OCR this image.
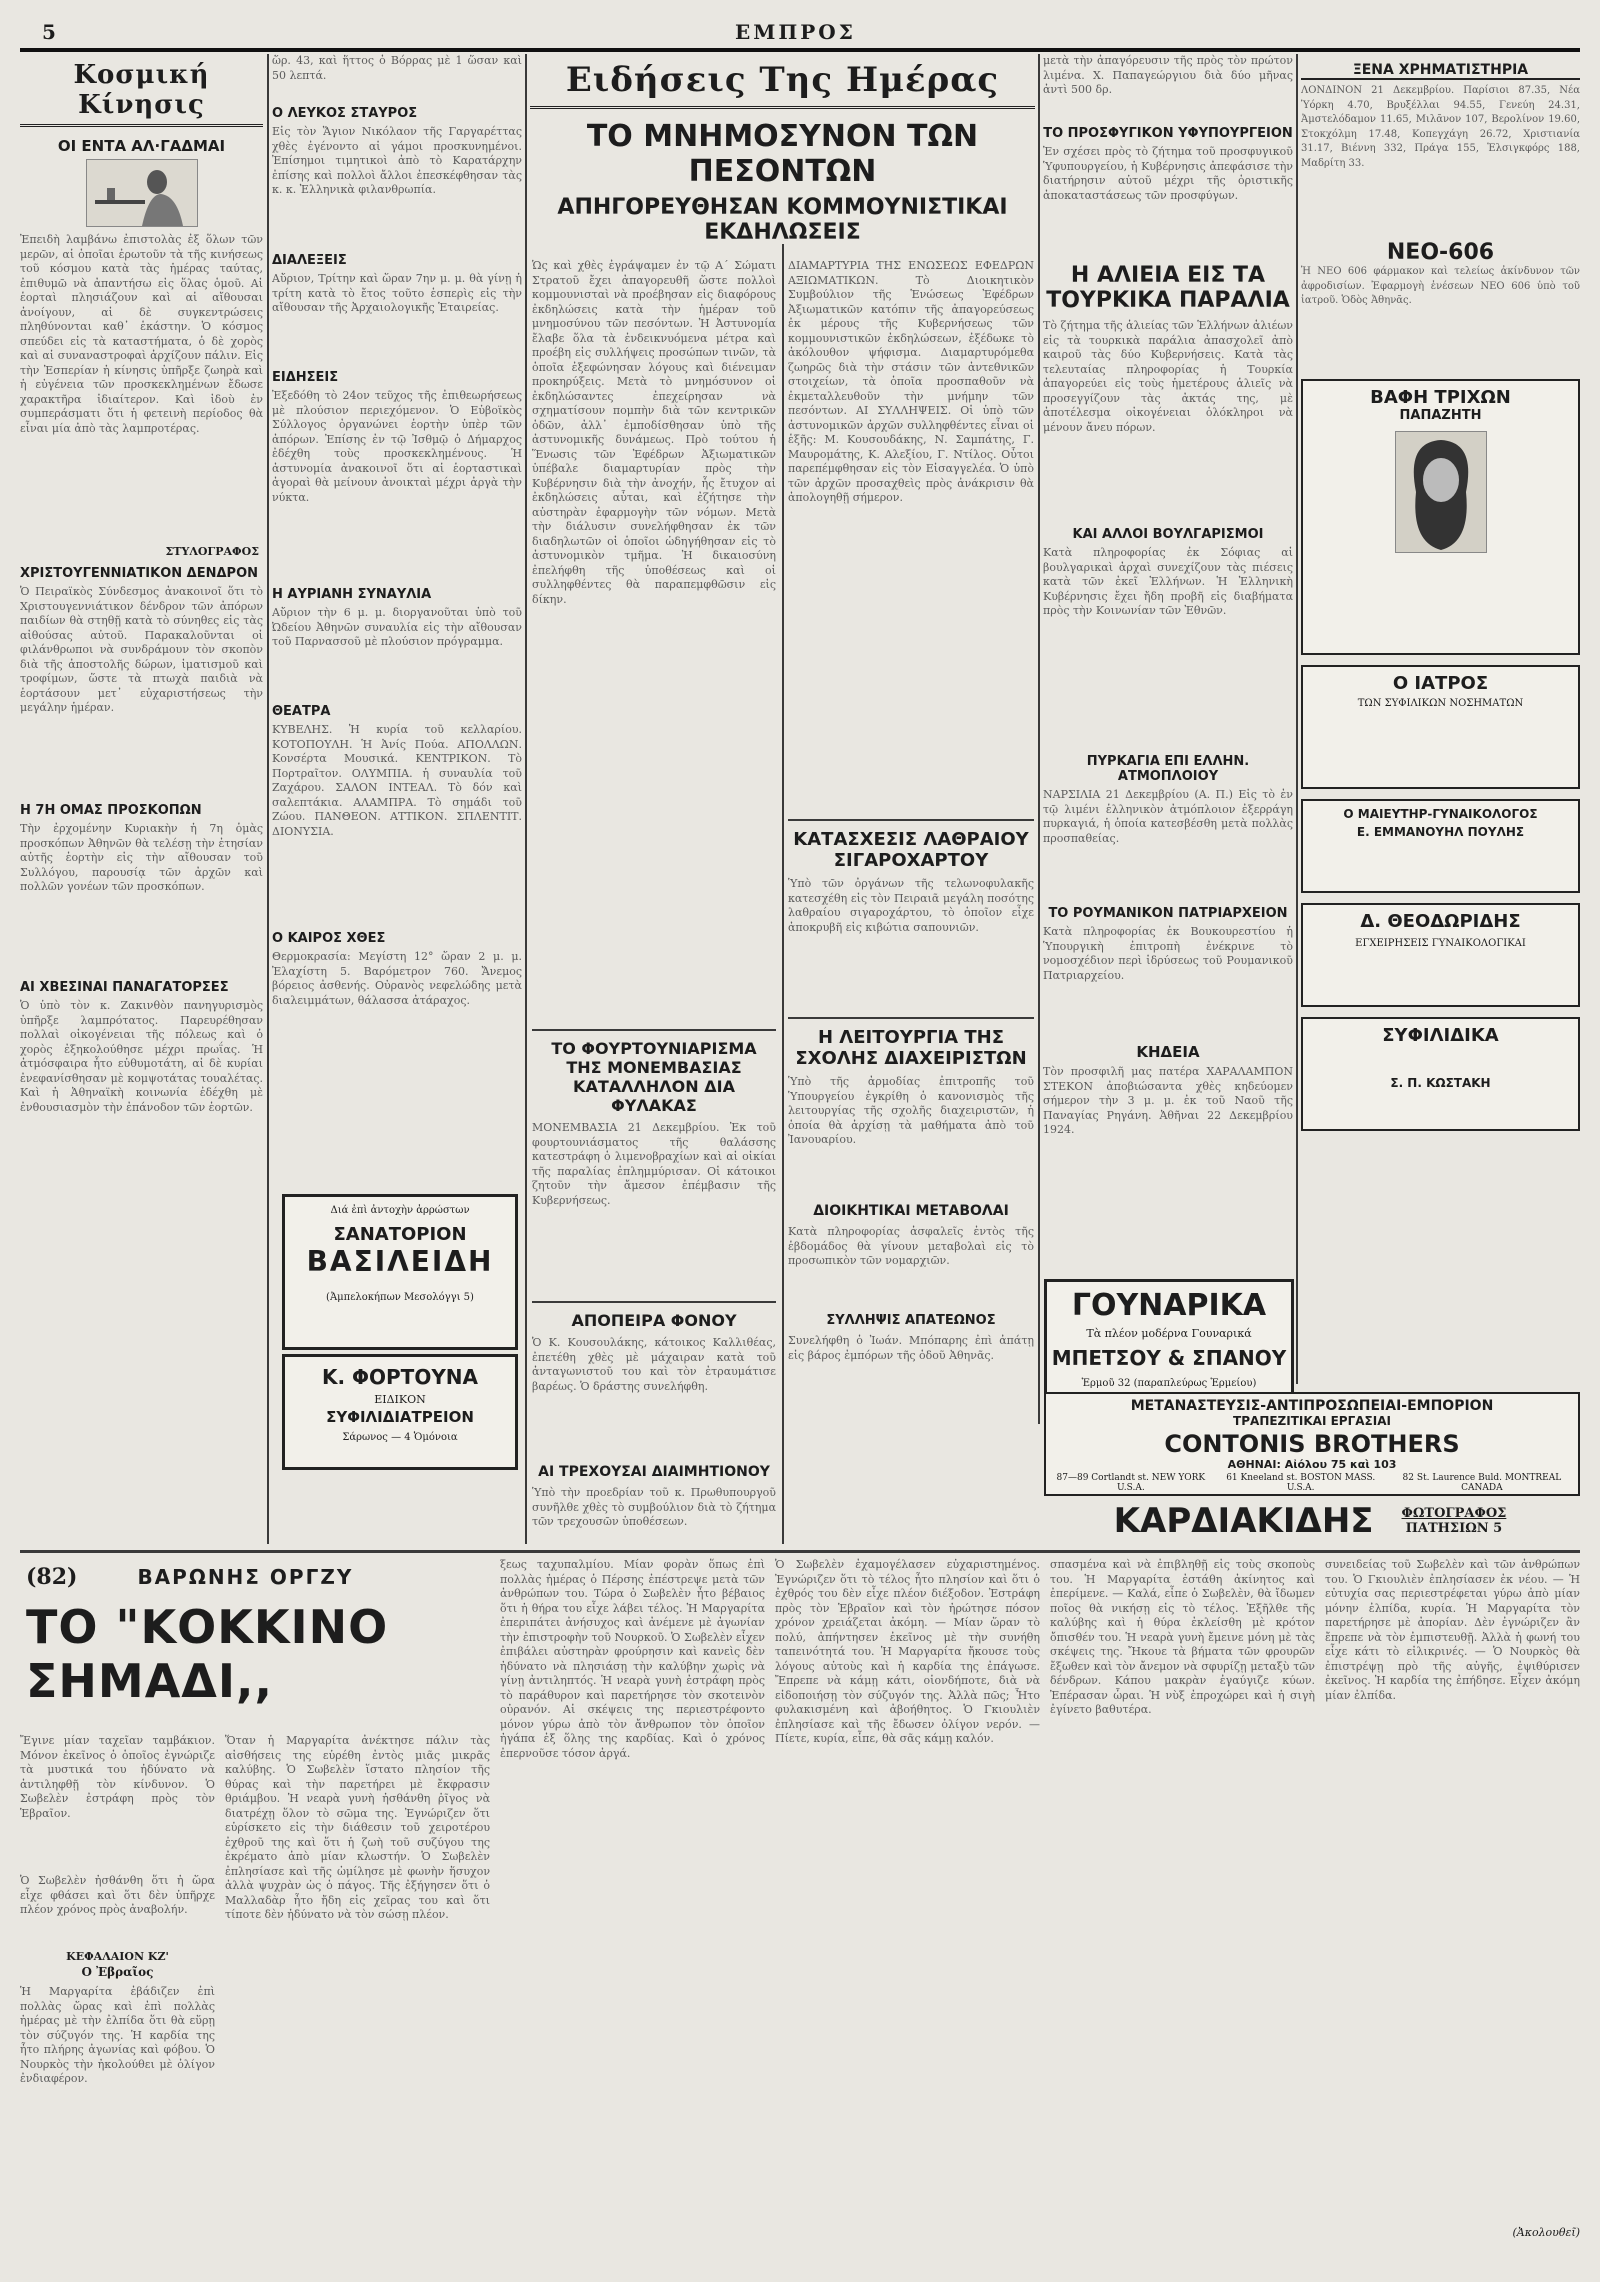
5	ΕΜΠΡΟΣ
Κοσμική Κίνησις
ΟΙ ΕΝΤΑ ΑΛ·ΓΑΔΜΑΙ
Ἐπειδὴ λαμβάνω ἐπιστολὰς ἐξ ὅλων τῶν μερῶν, αἱ ὁποῖαι ἐρωτοῦν τὰ τῆς κινήσεως τοῦ κόσμου κατὰ τὰς ἡμέρας ταύτας, ἐπιθυμῶ νὰ ἀπαντήσω εἰς ὅλας ὁμοῦ. Αἱ ἑορταὶ πλησιάζουν καὶ αἱ αἴθουσαι ἀνοίγουν, αἱ δὲ συγκεντρώσεις πληθύνονται καθ᾽ ἑκάστην. Ὁ κόσμος σπεύδει εἰς τὰ καταστήματα, ὁ δὲ χορὸς καὶ αἱ συναναστροφαὶ ἀρχίζουν πάλιν. Εἰς τὴν Ἐσπερίαν ἡ κίνησις ὑπῆρξε ζωηρὰ καὶ ἡ εὐγένεια τῶν προσκεκλημένων ἔδωσε χαρακτῆρα ἰδιαίτερον. Καὶ ἰδοὺ ἐν συμπεράσματι ὅτι ἡ φετεινὴ περίοδος θὰ εἶναι μία ἀπὸ τὰς λαμπροτέρας.
ΣΤΥΛΟΓΡΑΦΟΣ
ΧΡΙΣΤΟΥΓΕΝΝΙΑΤΙΚΟΝ ΔΕΝΔΡΟΝ
Ὁ Πειραϊκὸς Σύνδεσμος ἀνακοινοῖ ὅτι τὸ Χριστουγεννιάτικον δένδρον τῶν ἀπόρων παιδίων θὰ στηθῇ κατὰ τὸ σύνηθες εἰς τὰς αἰθούσας αὐτοῦ. Παρακαλοῦνται οἱ φιλάνθρωποι νὰ συνδράμουν τὸν σκοπὸν διὰ τῆς ἀποστολῆς δώρων, ἱματισμοῦ καὶ τροφίμων, ὥστε τὰ πτωχὰ παιδιὰ νὰ ἑορτάσουν μετ᾽ εὐχαριστήσεως τὴν μεγάλην ἡμέραν.
Η 7Η ΟΜΑΣ ΠΡΟΣΚΟΠΩΝ
Τὴν ἐρχομένην Κυριακὴν ἡ 7η ὁμὰς προσκόπων Ἀθηνῶν θὰ τελέσῃ τὴν ἐτησίαν αὐτῆς ἑορτὴν εἰς τὴν αἴθουσαν τοῦ Συλλόγου, παρουσίᾳ τῶν ἀρχῶν καὶ πολλῶν γονέων τῶν προσκόπων.
ΑΙ ΧΒΕΣΙΝΑΙ ΠΑΝΑΓΑΤΟΡΣΕΣ
Ὁ ὑπὸ τὸν κ. Ζακινθὸν πανηγυρισμὸς ὑπῆρξε λαμπρότατος. Παρευρέθησαν πολλαὶ οἰκογένειαι τῆς πόλεως καὶ ὁ χορὸς ἐξηκολούθησε μέχρι πρωΐας. Ἡ ἀτμόσφαιρα ἦτο εὐθυμοτάτη, αἱ δὲ κυρίαι ἐνεφανίσθησαν μὲ κομψοτάτας τουαλέτας. Καὶ ἡ Ἀθηναϊκὴ κοινωνία ἐδέχθη μὲ ἐνθουσιασμὸν τὴν ἐπάνοδον τῶν ἑορτῶν.
ὥρ. 43, καὶ ἥττος ὁ Βόρρας μὲ 1 ὥσαν καὶ 50 λεπτά.
Ο ΛΕΥΚΟΣ ΣΤΑΥΡΟΣ
Εἰς τὸν Ἅγιον Νικόλαον τῆς Γαργαρέττας χθὲς ἐγένοντο αἱ γάμοι προσκυνημένοι. Ἐπίσημοι τιμητικοὶ ἀπὸ τὸ Καρατάρχην ἐπίσης καὶ πολλοὶ ἄλλοι ἐπεσκέφθησαν τὰς κ. κ. Ἑλληνικὰ φιλανθρωπία.
ΔΙΑΛΕΞΕΙΣ
Αὔριον, Τρίτην καὶ ὥραν 7ην μ. μ. θὰ γίνῃ ἡ τρίτη κατὰ τὸ ἔτος τοῦτο ἑσπερὶς εἰς τὴν αἴθουσαν τῆς Ἀρχαιολογικῆς Ἑταιρείας.
ΕΙΔΗΣΕΙΣ
Ἐξεδόθη τὸ 24ον τεῦχος τῆς ἐπιθεωρήσεως μὲ πλούσιον περιεχόμενον. Ὁ Εὐβοϊκὸς Σύλλογος ὀργανώνει ἑορτὴν ὑπὲρ τῶν ἀπόρων. Ἐπίσης ἐν τῷ Ἰσθμῷ ὁ Δήμαρχος ἐδέχθη τοὺς προσκεκλημένους. Ἡ ἀστυνομία ἀνακοινοῖ ὅτι αἱ ἑορταστικαὶ ἀγοραὶ θὰ μείνουν ἀνοικταὶ μέχρι ἀργὰ τὴν νύκτα.
Η ΑΥΡΙΑΝΗ ΣΥΝΑΥΛΙΑ
Αὔριον τὴν 6 μ. μ. διοργανοῦται ὑπὸ τοῦ Ὠδείου Ἀθηνῶν συναυλία εἰς τὴν αἴθουσαν τοῦ Παρνασσοῦ μὲ πλούσιον πρόγραμμα.
ΘΕΑΤΡΑ
ΚΥΒΕΛΗΣ. Ἡ κυρία τοῦ κελλαρίου. ΚΟΤΟΠΟΥΛΗ. Ἡ Ἀνίς Πούα. ΑΠΟΛΛΩΝ. Κονσέρτα Μουσικά. ΚΕΝΤΡΙΚΟΝ. Τὸ Πορτραῖτον. ΟΛΥΜΠΙΑ. ἡ συναυλία τοῦ Ζαχάρου. ΣΑΛΟΝ ΙΝΤΕΑΛ. Τὸ δόν καὶ σαλεπτάκια. ΑΛΑΜΠΡΑ. Τὸ σημάδι τοῦ Ζώου. ΠΑΝΘΕΟΝ. ΑΤΤΙΚΟΝ. ΣΠΛΕΝΤΙΤ. ΔΙΟΝΥΣΙΑ.
Ο ΚΑΙΡΟΣ ΧΘΕΣ
Θερμοκρασία: Μεγίστη 12° ὥραν 2 μ. μ. Ἐλαχίστη 5. Βαρόμετρον 760. Ἄνεμος βόρειος ἀσθενής. Οὐρανὸς νεφελώδης μετὰ διαλειμμάτων, θάλασσα ἀτάραχος.
Διά ἐπὶ ἀντοχὴν ἀρρώστων
ΣΑΝΑΤΟΡΙΟΝ
ΒΑΣΙΛΕΙΔΗ
(Ἀμπελοκήπων Μεσολόγγι 5)
Κ. ΦΟΡΤΟΥΝΑ
ΕΙΔΙΚΟΝ
ΣΥΦΙΛΙΔΙΑΤΡΕΙΟΝ
Σάρωνος — 4 Ὁμόνοια
Ειδήσεις Της Ημέρας
ΤΟ ΜΝΗΜΟΣΥΝΟΝ ΤΩΝ ΠΕΣΟΝΤΩΝ
ΑΠΗΓΟΡΕΥΘΗΣΑΝ ΚΟΜΜΟΥΝΙΣΤΙΚΑΙ ΕΚΔΗΛΩΣΕΙΣ
Ὡς καὶ χθὲς ἐγράψαμεν ἐν τῷ Α΄ Σώματι Στρατοῦ ἔχει ἀπαγορευθῆ ὥστε πολλοὶ κομμουνισταὶ νὰ προέβησαν εἰς διαφόρους ἐκδηλώσεις κατὰ τὴν ἡμέραν τοῦ μνημοσύνου τῶν πεσόντων. Ἡ Ἀστυνομία ἔλαβε ὅλα τὰ ἐνδεικνυόμενα μέτρα καὶ προέβη εἰς συλλήψεις προσώπων τινῶν, τὰ ὁποῖα ἐξεφώνησαν λόγους καὶ διένειμαν προκηρύξεις. Μετὰ τὸ μνημόσυνον οἱ ἐκδηλώσαντες ἐπεχείρησαν νὰ σχηματίσουν πομπὴν διὰ τῶν κεντρικῶν ὁδῶν, ἀλλ᾽ ἐμποδίσθησαν ὑπὸ τῆς ἀστυνομικῆς δυνάμεως. Πρὸ τούτου ἡ Ἕνωσις τῶν Ἐφέδρων Ἀξιωματικῶν ὑπέβαλε διαμαρτυρίαν πρὸς τὴν Κυβέρνησιν διὰ τὴν ἀνοχήν, ἧς ἔτυχον αἱ ἐκδηλώσεις αὗται, καὶ ἐζήτησε τὴν αὐστηρὰν ἐφαρμογὴν τῶν νόμων. Μετὰ τὴν διάλυσιν συνελήφθησαν ἐκ τῶν διαδηλωτῶν οἱ ὁποῖοι ὡδηγήθησαν εἰς τὸ ἀστυνομικὸν τμῆμα. Ἡ δικαιοσύνη ἐπελήφθη τῆς ὑποθέσεως καὶ οἱ συλληφθέντες θὰ παραπεμφθῶσιν εἰς δίκην.
ΤΟ ΦΟΥΡΤΟΥΝΙΑΡΙΣΜΑ ΤΗΣ ΜΟΝΕΜΒΑΣΙΑΣ ΚΑΤΑΛΛΗΛΟΝ ΔΙΑ ΦΥΛΑΚΑΣ
ΜΟΝΕΜΒΑΣΙΑ 21 Δεκεμβρίου. Ἐκ τοῦ φουρτουνιάσματος τῆς θαλάσσης κατεστράφη ὁ λιμενοβραχίων καὶ αἱ οἰκίαι τῆς παραλίας ἐπλημμύρισαν. Οἱ κάτοικοι ζητοῦν τὴν ἄμεσον ἐπέμβασιν τῆς Κυβερνήσεως.
ΑΠΟΠΕΙΡΑ ΦΟΝΟΥ
Ὁ Κ. Κουσουλάκης, κάτοικος Καλλιθέας, ἐπετέθη χθὲς μὲ μάχαιραν κατὰ τοῦ ἀνταγωνιστοῦ του καὶ τὸν ἐτραυμάτισε βαρέως. Ὁ δράστης συνελήφθη.
ΑΙ ΤΡΕΧΟΥΣΑΙ ΔΙΑΙΜΗΤΙΟΝΟΥ
Ὑπὸ τὴν προεδρίαν τοῦ κ. Πρωθυπουργοῦ συνῆλθε χθὲς τὸ συμβούλιον διὰ τὸ ζήτημα τῶν τρεχουσῶν ὑποθέσεων.
ΔΙΑΜΑΡΤΥΡΙΑ ΤΗΣ ΕΝΩΣΕΩΣ ΕΦΕΔΡΩΝ ΑΞΙΩΜΑΤΙΚΩΝ. Τὸ Διοικητικὸν Συμβούλιον τῆς Ἑνώσεως Ἐφέδρων Ἀξιωματικῶν κατόπιν τῆς ἀπαγορεύσεως ἐκ μέρους τῆς Κυβερνήσεως τῶν κομμουνιστικῶν ἐκδηλώσεων, ἐξέδωκε τὸ ἀκόλουθον ψήφισμα. Διαμαρτυρόμεθα ζωηρῶς διὰ τὴν στάσιν τῶν ἀντεθνικῶν στοιχείων, τὰ ὁποῖα προσπαθοῦν νὰ ἐκμεταλλευθοῦν τὴν μνήμην τῶν πεσόντων. ΑΙ ΣΥΛΛΗΨΕΙΣ. Οἱ ὑπὸ τῶν ἀστυνομικῶν ἀρχῶν συλληφθέντες εἶναι οἱ ἑξῆς: Μ. Κουσουδάκης, Ν. Σαμπάτης, Γ. Μαυρομάτης, Κ. Αλεξίου, Γ. Ντίλος. Οὗτοι παρεπέμφθησαν εἰς τὸν Εἰσαγγελέα. Ὁ ὑπὸ τῶν ἀρχῶν προσαχθεὶς πρὸς ἀνάκρισιν θὰ ἀπολογηθῇ σήμερον.
ΚΑΤΑΣΧΕΣΙΣ ΛΑΘΡΑΙΟΥ ΣΙΓΑΡΟΧΑΡΤΟΥ
Ὑπὸ τῶν ὀργάνων τῆς τελωνοφυλακῆς κατεσχέθη εἰς τὸν Πειραιᾶ μεγάλη ποσότης λαθραίου σιγαροχάρτου, τὸ ὁποῖον εἶχε ἀποκρυβῆ εἰς κιβώτια σαπουνιῶν.
Η ΛΕΙΤΟΥΡΓΙΑ ΤΗΣ ΣΧΟΛΗΣ ΔΙΑΧΕΙΡΙΣΤΩΝ
Ὑπὸ τῆς ἀρμοδίας ἐπιτροπῆς τοῦ Ὑπουργείου ἐγκρίθη ὁ κανονισμὸς τῆς λειτουργίας τῆς σχολῆς διαχειριστῶν, ἡ ὁποία θὰ ἀρχίσῃ τὰ μαθήματα ἀπὸ τοῦ Ἰανουαρίου.
ΔΙΟΙΚΗΤΙΚΑΙ ΜΕΤΑΒΟΛΑΙ
Κατὰ πληροφορίας ἀσφαλεῖς ἐντὸς τῆς ἑβδομάδος θὰ γίνουν μεταβολαὶ εἰς τὸ προσωπικὸν τῶν νομαρχιῶν.
ΣΥΛΛΗΨΙΣ ΑΠΑΤΕΩΝΟΣ
Συνελήφθη ὁ Ἰωάν. Μπόπαρης ἐπὶ ἀπάτῃ εἰς βάρος ἐμπόρων τῆς ὁδοῦ Ἀθηνᾶς.
μετὰ τὴν ἀπαγόρευσιν τῆς πρὸς τὸν πρώτον λιμένα. Χ. Παπαγεώργιου διὰ δύο μῆνας ἀντὶ 500 δρ.
ΤΟ ΠΡΟΣΦΥΓΙΚΟΝ ΥΦΥΠΟΥΡΓΕΙΟΝ
Ἐν σχέσει πρὸς τὸ ζήτημα τοῦ προσφυγικοῦ Ὑφυπουργείου, ἡ Κυβέρνησις ἀπεφάσισε τὴν διατήρησιν αὐτοῦ μέχρι τῆς ὁριστικῆς ἀποκαταστάσεως τῶν προσφύγων.
Η ΑΛΙΕΙΑ ΕΙΣ ΤΑ ΤΟΥΡΚΙΚΑ ΠΑΡΑΛΙΑ
Τὸ ζήτημα τῆς ἁλιείας τῶν Ἑλλήνων ἁλιέων εἰς τὰ τουρκικὰ παράλια ἀπασχολεῖ ἀπὸ καιροῦ τὰς δύο Κυβερνήσεις. Κατὰ τὰς τελευταίας πληροφορίας ἡ Τουρκία ἀπαγορεύει εἰς τοὺς ἡμετέρους ἁλιεῖς νὰ προσεγγίζουν τὰς ἀκτάς της, μὲ ἀποτέλεσμα οἰκογένειαι ὁλόκληροι νὰ μένουν ἄνευ πόρων.
ΚΑΙ ΑΛΛΟΙ ΒΟΥΛΓΑΡΙΣΜΟΙ
Κατὰ πληροφορίας ἐκ Σόφιας αἱ βουλγαρικαὶ ἀρχαὶ συνεχίζουν τὰς πιέσεις κατὰ τῶν ἐκεῖ Ἑλλήνων. Ἡ Ἑλληνικὴ Κυβέρνησις ἔχει ἤδη προβῆ εἰς διαβήματα πρὸς τὴν Κοινωνίαν τῶν Ἐθνῶν.
ΠΥΡΚΑΓΙΑ ΕΠΙ ΕΛΛΗΝ. ΑΤΜΟΠΛΟΙΟΥ
ΝΑΡΣΙΛΙΑ 21 Δεκεμβρίου (Α. Π.) Εἰς τὸ ἐν τῷ λιμένι ἑλληνικὸν ἀτμόπλοιον ἐξερράγη πυρκαγιά, ἡ ὁποία κατεσβέσθη μετὰ πολλὰς προσπαθείας.
ΤΟ ΡΟΥΜΑΝΙΚΟΝ ΠΑΤΡΙΑΡΧΕΙΟΝ
Κατὰ πληροφορίας ἐκ Βουκουρεστίου ἡ Ὑπουργικὴ ἐπιτροπὴ ἐνέκρινε τὸ νομοσχέδιον περὶ ἱδρύσεως τοῦ Ρουμανικοῦ Πατριαρχείου.
ΚΗΔΕΙΑ
Τὸν προσφιλῆ μας πατέρα ΧΑΡΑΛΑΜΠΟΝ ΣΤΕΚΟΝ ἀποβιώσαντα χθὲς κηδεύομεν σήμερον τὴν 3 μ. μ. ἐκ τοῦ Ναοῦ τῆς Παναγίας Ρηγάνη. Ἀθῆναι 22 Δεκεμβρίου 1924.
ΓΟΥΝΑΡΙΚΑ
Τὰ πλέον μοδέρνα Γουναρικά
ΜΠΕΤΣΟΥ & ΣΠΑΝΟΥ
Ἑρμοῦ 32 (παραπλεύρως Ἑρμείου)
ΞΕΝΑ ΧΡΗΜΑΤΙΣΤΗΡΙΑ
ΛΟΝΔΙΝΟΝ 21 Δεκεμβρίου. Παρίσιοι 87.35, Νέα Ὑόρκη 4.70, Βρυξέλλαι 94.55, Γενεύη 24.31, Ἀμστελόδαμον 11.65, Μιλᾶνον 107, Βερολίνον 19.60, Στοκχόλμη 17.48, Κοπεγχάγη 26.72, Χριστιανία 31.17, Βιέννη 332, Πράγα 155, Ἑλσιγκφόρς 188, Μαδρίτη 33.
ΝΕΟ-606
Ἡ ΝΕΟ 606 φάρμακον καὶ τελείως ἀκίνδυνον τῶν ἀφροδισίων. Ἐφαρμογὴ ἐνέσεων ΝΕΟ 606 ὑπὸ τοῦ ἰατροῦ. Ὁδὸς Ἀθηνᾶς.
ΒΑΦΗ ΤΡΙΧΩΝ
ΠΑΠΑΖΗΤΗ
Ο ΙΑΤΡΟΣ
ΤΩΝ ΣΥΦΙΛΙΚΩΝ ΝΟΣΗΜΑΤΩΝ
Ο ΜΑΙΕΥΤΗΡ-ΓΥΝΑΙΚΟΛΟΓΟΣ
Ε. ΕΜΜΑΝΟΥΗΛ ΠΟΥΛΗΣ
Δ. ΘΕΟΔΩΡΙΔΗΣ
ΕΓΧΕΙΡΗΣΕΙΣ ΓΥΝΑΙΚΟΛΟΓΙΚΑΙ
ΣΥΦΙΛΙΔΙΚΑ
Σ. Π. ΚΩΣΤΑΚΗ
ΜΕΤΑΝΑΣΤΕΥΣΙΣ-ΑΝΤΙΠΡΟΣΩΠΕΙΑΙ-ΕΜΠΟΡΙΟΝ
ΤΡΑΠΕΖΙΤΙΚΑΙ ΕΡΓΑΣΙΑΙ
CONTONIS BROTHERS
ΑΘΗΝΑΙ: Αἰόλου 75 καὶ 103
87—89 Cortlandt st. NEW YORK U.S.A.
61 Kneeland st. BOSTON MASS. U.S.A.
82 St. Laurence Buld. MONTREAL CANADA
ΚΑΡΔΙΑΚΙΔΗΣ ΦΩΤΟΓΡΑΦΟΣ
ΠΑΤΗΣΙΩΝ 5
(82)	ΒΑΡΩΝΗΣ ΟΡΓΖΥ
ΤΟ "ΚΟΚΚΙΝΟ ΣΗΜΑΔΙ,,
Ἔγινε μίαν ταχεῖαν ταμβάκιον. Μόνον ἐκεῖνος ὁ ὁποῖος ἐγνώριζε τὰ μυστικά του ἠδύνατο νὰ ἀντιληφθῇ τὸν κίνδυνον. Ὁ Σωβελὲν ἐστράφη πρὸς τὸν Ἑβραῖον.
Ὁ Σωβελὲν ἠσθάνθη ὅτι ἡ ὥρα εἶχε φθάσει καὶ ὅτι δὲν ὑπῆρχε πλέον χρόνος πρὸς ἀναβολήν.
ΚΕΦΑΛΑΙΟΝ ΚΖ'
Ο Ἐβραῖος
Ἡ Μαργαρίτα ἐβάδιζεν ἐπὶ πολλὰς ὥρας καὶ ἐπὶ πολλὰς ἡμέρας μὲ τὴν ἐλπίδα ὅτι θὰ εὕρῃ τὸν σύζυγόν της. Ἡ καρδία της ἦτο πλήρης ἀγωνίας καὶ φόβου. Ὁ Νουρκὸς τὴν ἠκολούθει μὲ ὀλίγον ἐνδιαφέρον.
Ὅταν ἡ Μαργαρίτα ἀνέκτησε πάλιν τὰς αἰσθήσεις της εὑρέθη ἐντὸς μιᾶς μικρᾶς καλύβης. Ὁ Σωβελὲν ἵστατο πλησίον τῆς θύρας καὶ τὴν παρετήρει μὲ ἔκφρασιν θριάμβου. Ἡ νεαρὰ γυνὴ ἠσθάνθη ῥῖγος νὰ διατρέχῃ ὅλον τὸ σῶμα της. Ἐγνώριζεν ὅτι εὑρίσκετο εἰς τὴν διάθεσιν τοῦ χειροτέρου ἐχθροῦ της καὶ ὅτι ἡ ζωὴ τοῦ συζύγου της ἐκρέματο ἀπὸ μίαν κλωστήν. Ὁ Σωβελὲν ἐπλησίασε καὶ τῆς ὡμίλησε μὲ φωνὴν ἥσυχον ἀλλὰ ψυχρὰν ὡς ὁ πάγος. Τῆς ἐξήγησεν ὅτι ὁ Μαλλαδὰρ ἦτο ἤδη εἰς χεῖρας του καὶ ὅτι τίποτε δὲν ἠδύνατο νὰ τὸν σώσῃ πλέον.
ξεως ταχυπαλμίου. Μίαν φορὰν ὅπως ἐπὶ πολλὰς ἡμέρας ὁ Πέρσης ἐπέστρεψε μετὰ τῶν ἀνθρώπων του. Τώρα ὁ Σωβελὲν ἦτο βέβαιος ὅτι ἡ θήρα του εἶχε λάβει τέλος. Ἡ Μαργαρίτα ἐπεριπάτει ἀνήσυχος καὶ ἀνέμενε μὲ ἀγωνίαν τὴν ἐπιστροφὴν τοῦ Νουρκοῦ. Ὁ Σωβελὲν εἶχεν ἐπιβάλει αὐστηρὰν φρούρησιν καὶ κανεὶς δὲν ἠδύνατο νὰ πλησιάσῃ τὴν καλύβην χωρὶς νὰ γίνῃ ἀντιληπτός. Ἡ νεαρὰ γυνὴ ἐστράφη πρὸς τὸ παράθυρον καὶ παρετήρησε τὸν σκοτεινὸν οὐρανόν. Αἱ σκέψεις της περιεστρέφοντο μόνον γύρω ἀπὸ τὸν ἄνθρωπον τὸν ὁποῖον ἠγάπα ἐξ ὅλης της καρδίας. Καὶ ὁ χρόνος ἐπερνοῦσε τόσον ἀργά.
Ὁ Σωβελὲν ἐχαμογέλασεν εὐχαριστημένος. Ἐγνώριζεν ὅτι τὸ τέλος ἦτο πλησίον καὶ ὅτι ὁ ἐχθρός του δὲν εἶχε πλέον διέξοδον. Ἐστράφη πρὸς τὸν Ἑβραῖον καὶ τὸν ἠρώτησε πόσον χρόνον χρειάζεται ἀκόμη. — Μίαν ὥραν τὸ πολύ, ἀπήντησεν ἐκεῖνος μὲ τὴν συνήθη ταπεινότητά του. Ἡ Μαργαρίτα ἤκουσε τοὺς λόγους αὐτοὺς καὶ ἡ καρδία της ἐπάγωσε. Ἔπρεπε νὰ κάμῃ κάτι, οἱονδήποτε, διὰ νὰ εἰδοποιήσῃ τὸν σύζυγόν της. Ἀλλὰ πῶς; Ἦτο φυλακισμένη καὶ ἀβοήθητος. Ὁ Γκιουλιὲν ἐπλησίασε καὶ τῆς ἔδωσεν ὀλίγον νερόν. — Πίετε, κυρία, εἶπε, θὰ σᾶς κάμῃ καλόν.
σπασμένα καὶ νὰ ἐπιβληθῇ εἰς τοὺς σκοποὺς του. Ἡ Μαργαρίτα ἐστάθη ἀκίνητος καὶ ἐπερίμενε. — Καλά, εἶπε ὁ Σωβελὲν, θὰ ἴδωμεν ποῖος θὰ νικήσῃ εἰς τὸ τέλος. Ἐξῆλθε τῆς καλύβης καὶ ἡ θύρα ἐκλείσθη μὲ κρότον ὄπισθέν του. Ἡ νεαρὰ γυνὴ ἔμεινε μόνη μὲ τὰς σκέψεις της. Ἤκουε τὰ βήματα τῶν φρουρῶν ἔξωθεν καὶ τὸν ἄνεμον νὰ σφυρίζῃ μεταξὺ τῶν δένδρων. Κάπου μακρὰν ἐγαύγιζε κύων. Ἐπέρασαν ὧραι. Ἡ νὺξ ἐπροχώρει καὶ ἡ σιγὴ ἐγίνετο βαθυτέρα.
συνειδείας τοῦ Σωβελὲν καὶ τῶν ἀνθρώπων του. Ὁ Γκιουλιὲν ἐπλησίασεν ἐκ νέου. — Ἡ εὐτυχία σας περιεστρέφεται γύρω ἀπὸ μίαν μόνην ἐλπίδα, κυρία. Ἡ Μαργαρίτα τὸν παρετήρησε μὲ ἀπορίαν. Δὲν ἐγνώριζεν ἂν ἔπρεπε νὰ τὸν ἐμπιστευθῇ. Ἀλλὰ ἡ φωνή του εἶχε κάτι τὸ εἰλικρινές. — Ὁ Νουρκὸς θὰ ἐπιστρέψῃ πρὸ τῆς αὐγῆς, ἐψιθύρισεν ἐκεῖνος. Ἡ καρδία της ἐπήδησε. Εἶχεν ἀκόμη μίαν ἐλπίδα.
(Ἀκολουθεῖ)
